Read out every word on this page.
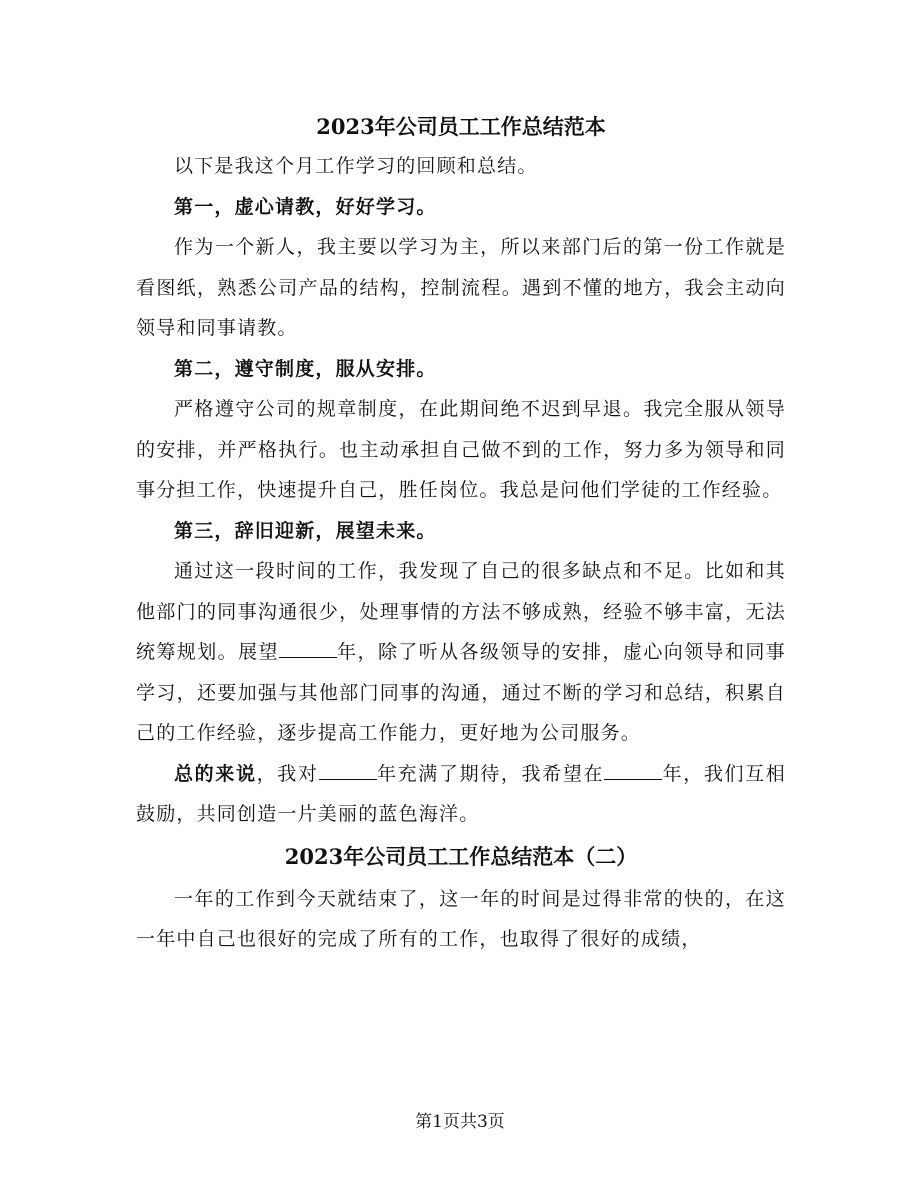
2023年公司员工工作总结范本

以下是我这个月工作学习的回顾和总结。

第一，虚心请教，好好学习。

作为一个新人，我主要以学习为主，所以来部门后的第一份工作就是看图纸，熟悉公司产品的结构，控制流程。遇到不懂的地方，我会主动向领导和同事请教。

第二，遵守制度，服从安排。

严格遵守公司的规章制度，在此期间绝不迟到早退。我完全服从领导的安排，并严格执行。也主动承担自己做不到的工作，努力多为领导和同事分担工作，快速提升自己，胜任岗位。我总是问他们学徒的工作经验。

第三，辞旧迎新，展望未来。

通过这一段时间的工作，我发现了自己的很多缺点和不足。比如和其他部门的同事沟通很少，处理事情的方法不够成熟，经验不够丰富，无法统筹规划。展望	年，除了听从各级领导的安排，虚心向领导和同事学习，还要加强与其他部门同事的沟通，通过不断的学习和总结，积累自己的工作经验，逐步提高工作能力，更好地为公司服务。

总的来说，我对	年充满了期待，我希望在	年，我们互相鼓励，共同创造一片美丽的蓝色海洋。

2023年公司员工工作总结范本（二）

一年的工作到今天就结束了，这一年的时间是过得非常的快的，在这一年中自己也很好的完成了所有的工作，也取得了很好的成绩，

第1页共3页
